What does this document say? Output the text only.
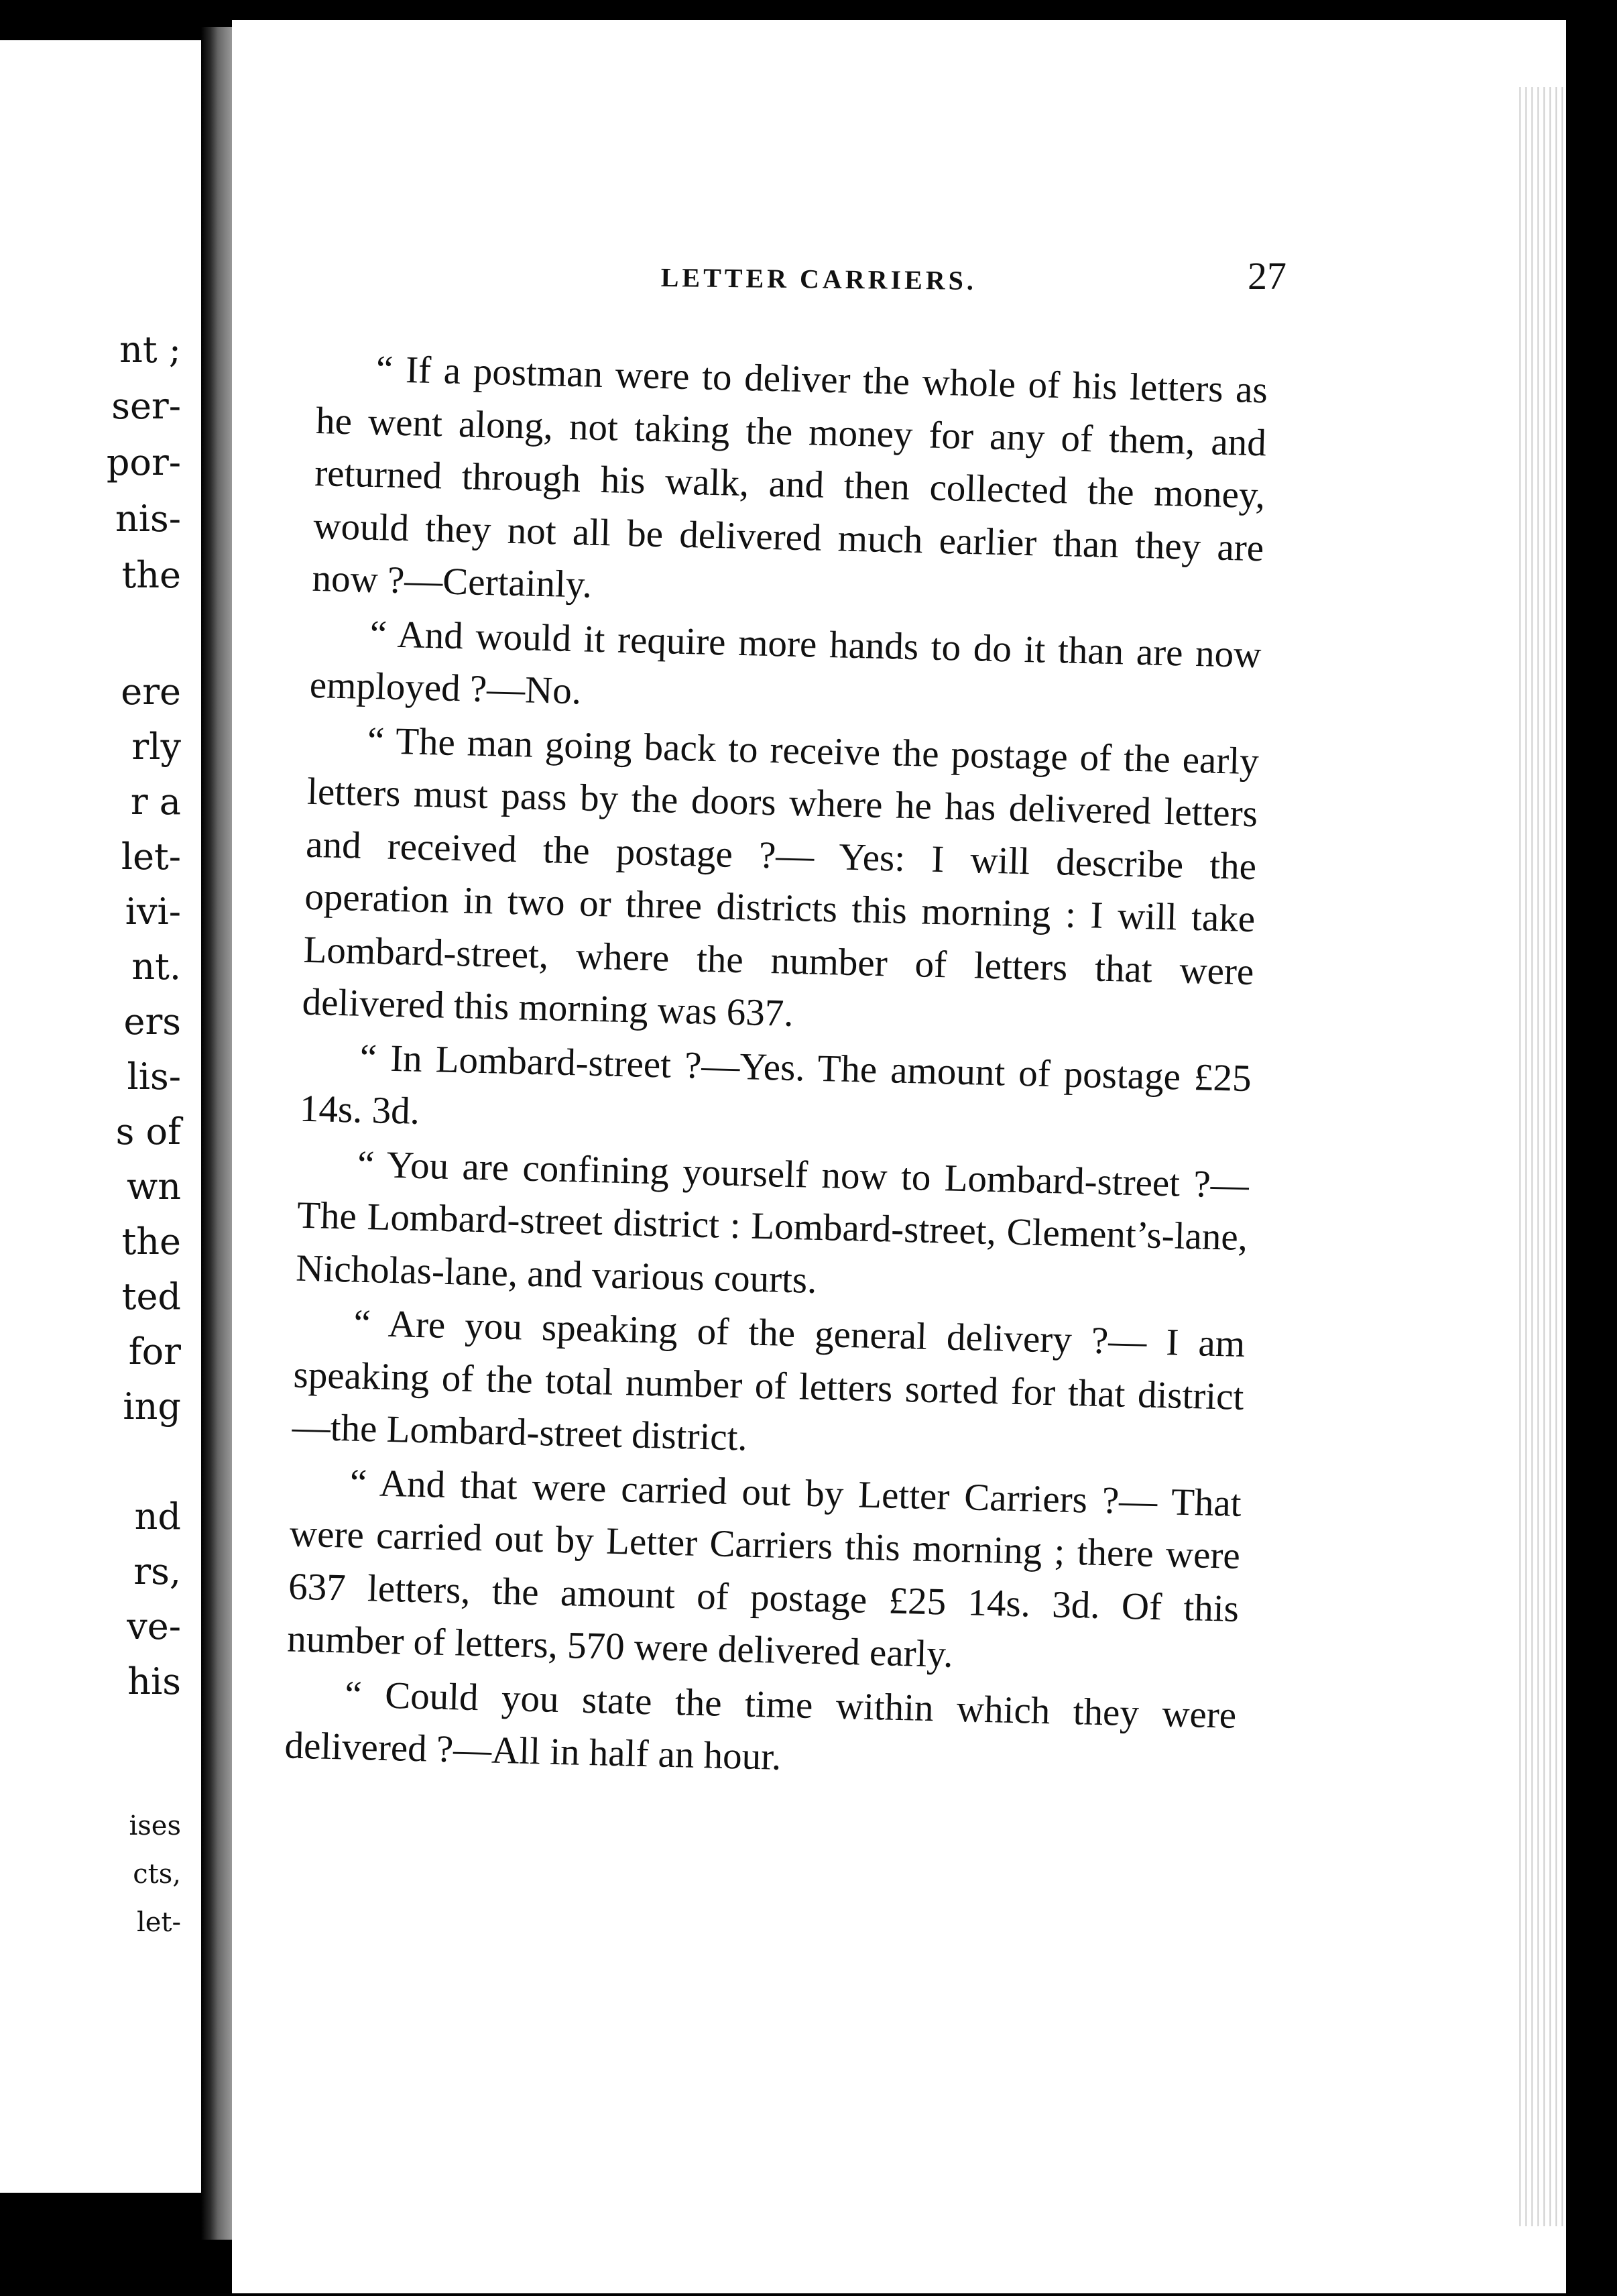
nt ;
ser-
por-
nis-
the
ere
rly
r a
let-
ivi-
nt.
ers
lis-
s of
wn
the
ted
for
ing
nd
rs,
ve-
his
ises
cts,
let-
LETTER CARRIERS.	27

“ If a postman were to deliver the whole of his letters as he went along, not taking the money for any of them, and returned through his walk, and then collected the money, would they not all be delivered much earlier than they are now ?—Certainly.

“ And would it require more hands to do it than are now employed ?—No.

“ The man going back to receive the postage of the early letters must pass by the doors where he has delivered letters and received the postage ?— Yes: I will describe the operation in two or three districts this morning : I will take Lombard-street, where the number of letters that were delivered this morning was 637.

“ In Lombard-street ?—Yes. The amount of postage £25 14s. 3d.

“ You are confining yourself now to Lombard-street ?—The Lombard-street district : Lombard-street, Clement’s-lane, Nicholas-lane, and various courts.

“ Are you speaking of the general delivery ?— I am speaking of the total number of letters sorted for that district—the Lombard-street district.

“ And that were carried out by Letter Carriers ?— That were carried out by Letter Carriers this morning ; there were 637 letters, the amount of postage £25 14s. 3d. Of this number of letters, 570 were delivered early.

“ Could you state the time within which they were delivered ?—All in half an hour.
